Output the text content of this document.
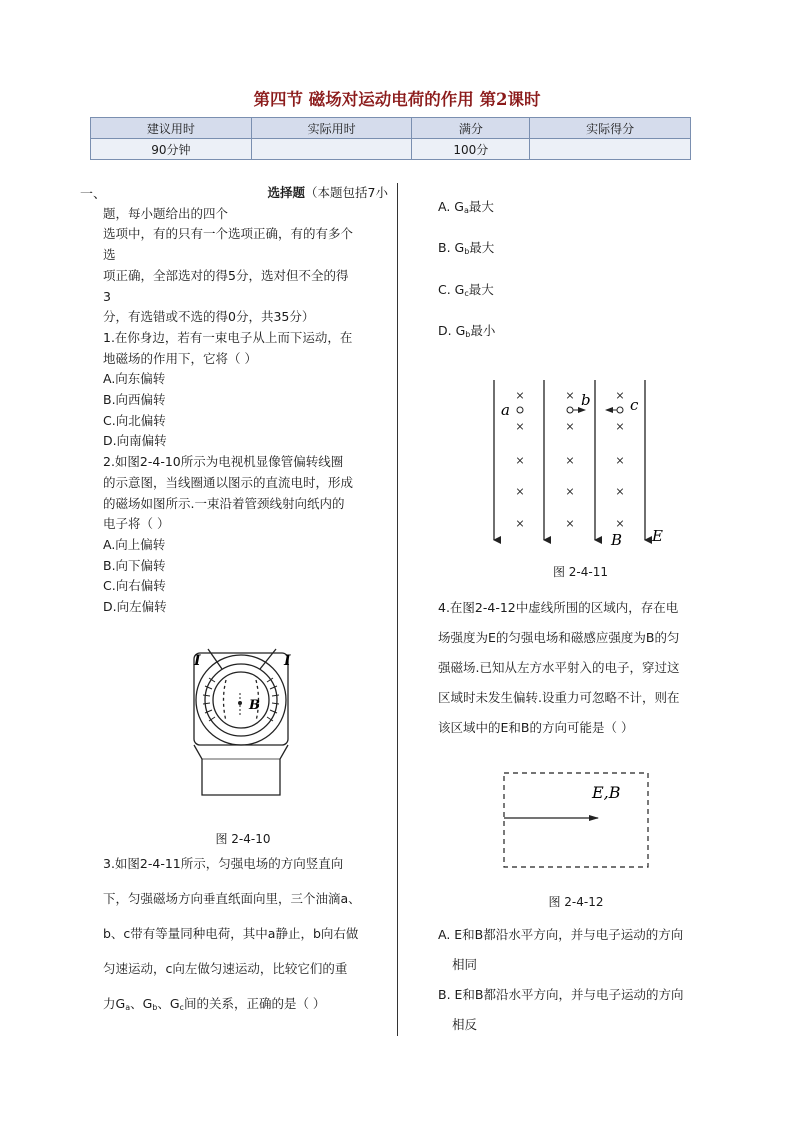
第四节 磁场对运动电荷的作用 第2课时
建议用时	实际用时	满分	实际得分
90分钟		100分	
一、	选择题（本题包括7小

题，每小题给出的四个

选项中，有的只有一个选项正确，有的有多个

选

项正确，全部选对的得5分，选对但不全的得

3

分，有选错或不选的得0分，共35分）

1.在你身边，若有一束电子从上而下运动，在

地磁场的作用下，它将（ ）

A.向东偏转

B.向西偏转

C.向北偏转

D.向南偏转

2.如图2-4-10所示为电视机显像管偏转线圈

的示意图，当线圈通以图示的直流电时，形成

的磁场如图所示.一束沿着管颈线射向纸内的

电子将（ ）

A.向上偏转

B.向下偏转

C.向右偏转

D.向左偏转

I	I
B
图 2-4-10
3.如图2-4-11所示，匀强电场的方向竖直向
下，匀强磁场方向垂直纸面向里，三个油滴a、
b、c带有等量同种电荷，其中a静止，b向右做
匀速运动，c向左做匀速运动，比较它们的重
力$G_a$、$G_b$、$G_c$间的关系，正确的是（ ）
A. $G_a$最大
B. $G_b$最大
C. $G_c$最大
D. $G_b$最小
×
×
×
×
×
×
×
×
×
×
×
×
×
×
×
a
b	c
B E
图 2-4-11
4.在图2-4-12中虚线所围的区域内，存在电
场强度为E的匀强电场和磁感应强度为B的匀
强磁场.已知从左方水平射入的电子，穿过这
区域时未发生偏转.设重力可忽略不计，则在
该区域中的E和B的方向可能是（ ）
E,B
图 2-4-12
A. E和B都沿水平方向，并与电子运动的方向
相同
B. E和B都沿水平方向，并与电子运动的方向
相反
